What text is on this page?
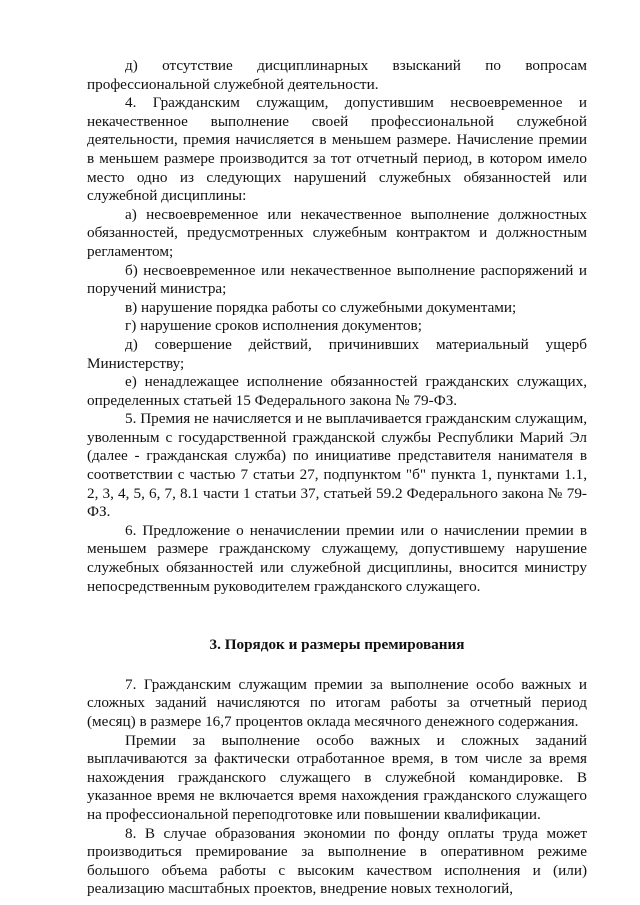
д) отсутствие дисциплинарных взысканий по вопросам профессиональной служебной деятельности.

4. Гражданским служащим, допустившим несвоевременное и некачественное выполнение своей профессиональной служебной деятельности, премия начисляется в меньшем размере. Начисление премии в меньшем размере производится за тот отчетный период, в котором имело место одно из следующих нарушений служебных обязанностей или служебной дисциплины:

а) несвоевременное или некачественное выполнение должностных обязанностей, предусмотренных служебным контрактом и должностным регламентом;

б) несвоевременное или некачественное выполнение распоряжений и поручений министра;

в) нарушение порядка работы со служебными документами;

г) нарушение сроков исполнения документов;

д) совершение действий, причинивших материальный ущерб Министерству;

е) ненадлежащее исполнение обязанностей гражданских служащих, определенных статьей 15 Федерального закона № 79-ФЗ.

5. Премия не начисляется и не выплачивается гражданским служащим, уволенным с государственной гражданской службы Республики Марий Эл (далее - гражданская служба) по инициативе представителя нанимателя в соответствии с частью 7 статьи 27, подпунктом "б" пункта 1, пунктами 1.1, 2, 3, 4, 5, 6, 7, 8.1 части 1 статьи 37, статьей 59.2 Федерального закона № 79-ФЗ.

6. Предложение о неначислении премии или о начислении премии в меньшем размере гражданскому служащему, допустившему нарушение служебных обязанностей или служебной дисциплины, вносится министру непосредственным руководителем гражданского служащего.

3. Порядок и размеры премирования

7. Гражданским служащим премии за выполнение особо важных и сложных заданий начисляются по итогам работы за отчетный период (месяц) в размере 16,7 процентов оклада месячного денежного содержания.

Премии за выполнение особо важных и сложных заданий выплачиваются за фактически отработанное время, в том числе за время нахождения гражданского служащего в служебной командировке. В указанное время не включается время нахождения гражданского служащего на профессиональной переподготовке или повышении квалификации.

8. В случае образования экономии по фонду оплаты труда может производиться премирование за выполнение в оперативном режиме большого объема работы с высоким качеством исполнения и (или) реализацию масштабных проектов, внедрение новых технологий,
